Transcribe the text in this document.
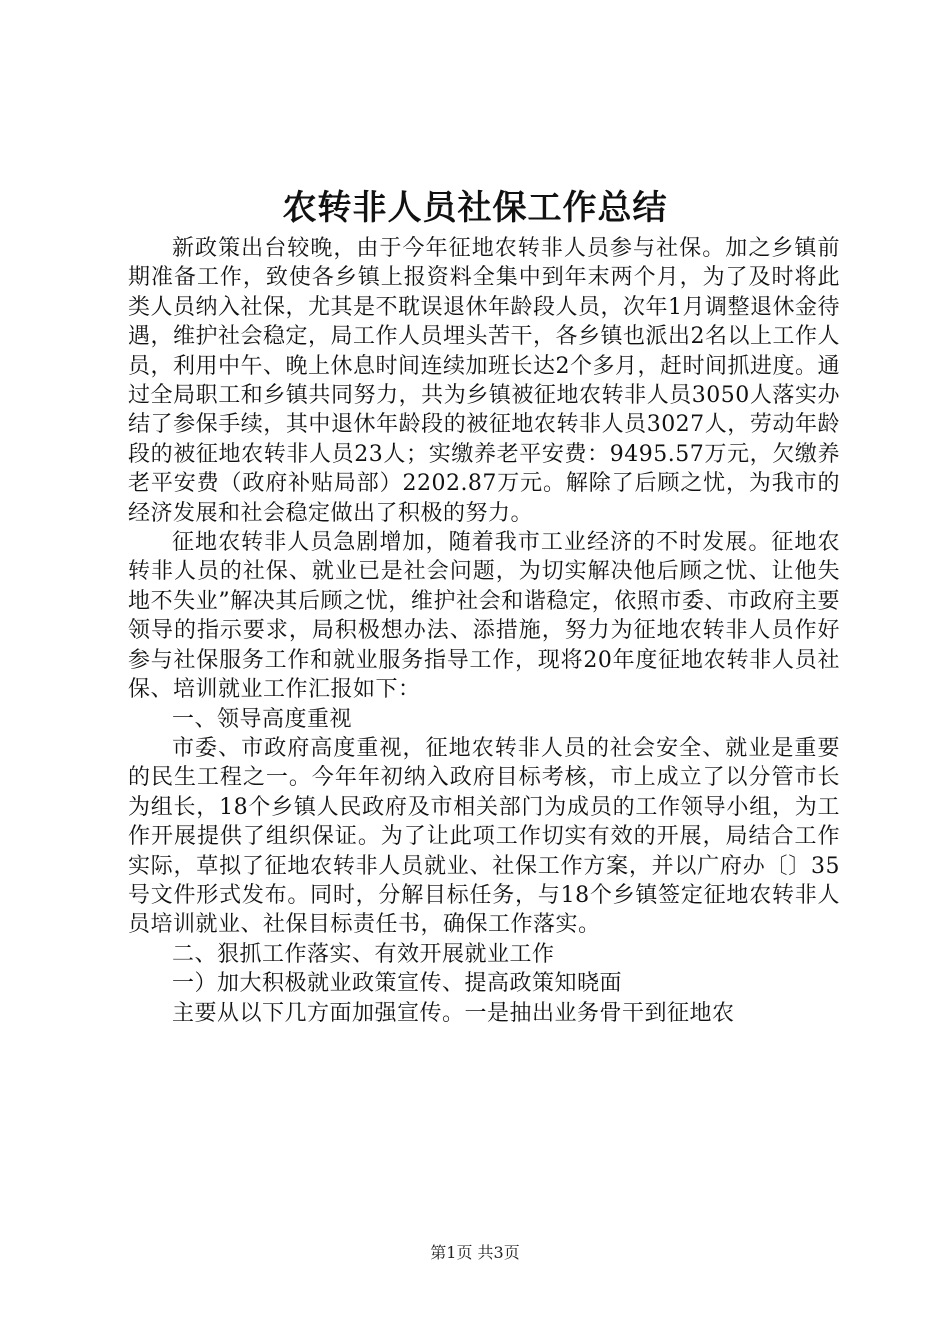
农转非人员社保工作总结

新政策出台较晚，由于今年征地农转非人员参与社保。加之乡镇前期准备工作，致使各乡镇上报资料全集中到年末两个月，为了及时将此类人员纳入社保，尤其是不耽误退休年龄段人员，次年1月调整退休金待遇，维护社会稳定，局工作人员埋头苦干，各乡镇也派出2名以上工作人员，利用中午、晚上休息时间连续加班长达2个多月，赶时间抓进度。通过全局职工和乡镇共同努力，共为乡镇被征地农转非人员3050人落实办结了参保手续，其中退休年龄段的被征地农转非人员3027人，劳动年龄段的被征地农转非人员23人；实缴养老平安费：9495.57万元，欠缴养老平安费（政府补贴局部）2202.87万元。解除了后顾之忧，为我市的经济发展和社会稳定做出了积极的努力。

征地农转非人员急剧增加，随着我市工业经济的不时发展。征地农转非人员的社保、就业已是社会问题，为切实解决他后顾之忧、让他失地不失业”解决其后顾之忧，维护社会和谐稳定，依照市委、市政府主要领导的指示要求，局积极想办法、添措施，努力为征地农转非人员作好参与社保服务工作和就业服务指导工作，现将20年度征地农转非人员社保、培训就业工作汇报如下：

一、领导高度重视

市委、市政府高度重视，征地农转非人员的社会安全、就业是重要的民生工程之一。今年年初纳入政府目标考核，市上成立了以分管市长为组长，18个乡镇人民政府及市相关部门为成员的工作领导小组，为工作开展提供了组织保证。为了让此项工作切实有效的开展，局结合工作实际，草拟了征地农转非人员就业、社保工作方案，并以广府办〔〕35号文件形式发布。同时，分解目标任务，与18个乡镇签定征地农转非人员培训就业、社保目标责任书，确保工作落实。

二、狠抓工作落实、有效开展就业工作

一）加大积极就业政策宣传、提高政策知晓面

主要从以下几方面加强宣传。一是抽出业务骨干到征地农

第1页 共3页
